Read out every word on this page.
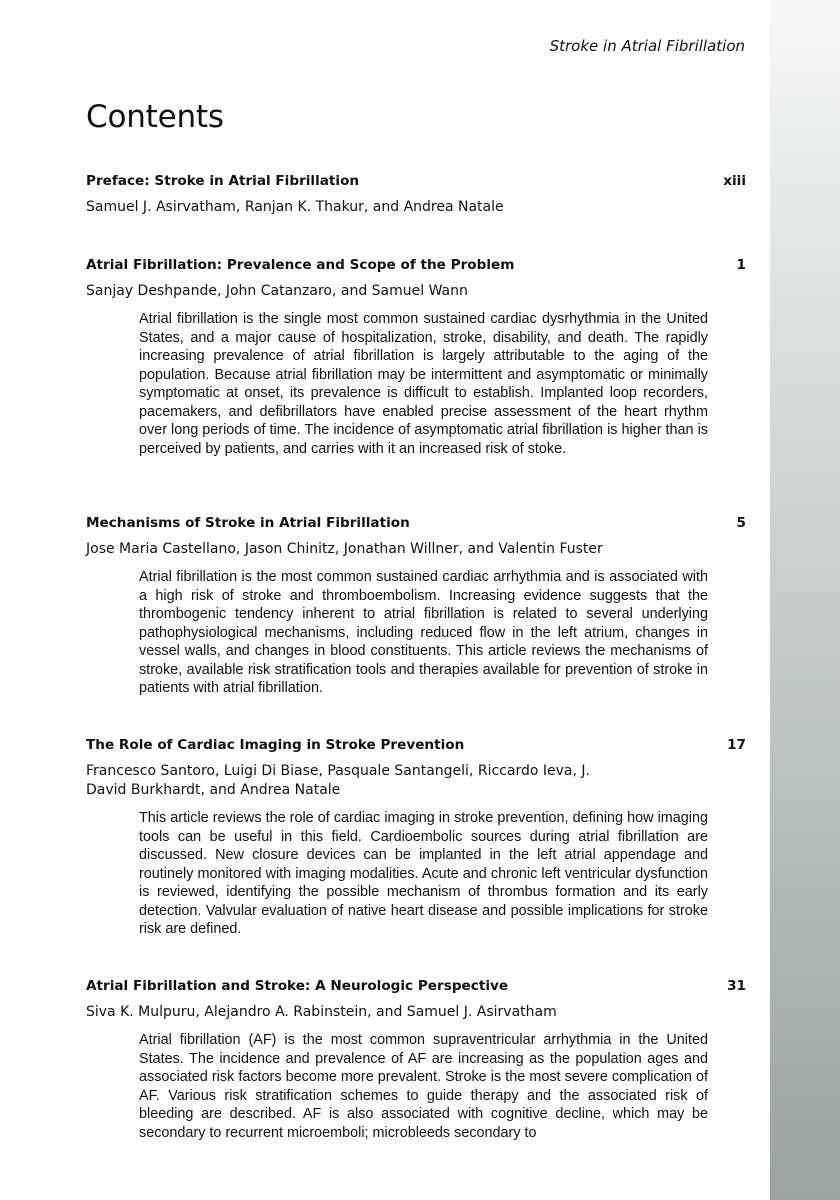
Stroke in Atrial Fibrillation
Contents
Preface: Stroke in Atrial Fibrillation	xiii
Samuel J. Asirvatham, Ranjan K. Thakur, and Andrea Natale
Atrial Fibrillation: Prevalence and Scope of the Problem	1
Sanjay Deshpande, John Catanzaro, and Samuel Wann
Atrial fibrillation is the single most common sustained cardiac dysrhythmia in the United States, and a major cause of hospitalization, stroke, disability, and death. The rapidly increasing prevalence of atrial fibrillation is largely attributable to the aging of the population. Because atrial fibrillation may be intermittent and asymptomatic or minimally symptomatic at onset, its prevalence is difficult to establish. Implanted loop recorders, pacemakers, and defibrillators have enabled precise assessment of the heart rhythm over long periods of time. The incidence of asymptomatic atrial fibrillation is higher than is perceived by patients, and carries with it an increased risk of stoke.
Mechanisms of Stroke in Atrial Fibrillation	5
Jose Maria Castellano, Jason Chinitz, Jonathan Willner, and Valentin Fuster
Atrial fibrillation is the most common sustained cardiac arrhythmia and is associated with a high risk of stroke and thromboembolism. Increasing evidence suggests that the thrombogenic tendency inherent to atrial fibrillation is related to several underlying pathophysiological mechanisms, including reduced flow in the left atrium, changes in vessel walls, and changes in blood constituents. This article reviews the mechanisms of stroke, available risk stratification tools and therapies available for prevention of stroke in patients with atrial fibrillation.
The Role of Cardiac Imaging in Stroke Prevention	17
Francesco Santoro, Luigi Di Biase, Pasquale Santangeli, Riccardo Ieva, J. David Burkhardt, and Andrea Natale
This article reviews the role of cardiac imaging in stroke prevention, defining how imaging tools can be useful in this field. Cardioembolic sources during atrial fibrillation are discussed. New closure devices can be implanted in the left atrial appendage and routinely monitored with imaging modalities. Acute and chronic left ventricular dysfunction is reviewed, identifying the possible mechanism of thrombus formation and its early detection. Valvular evaluation of native heart disease and possible implications for stroke risk are defined.
Atrial Fibrillation and Stroke: A Neurologic Perspective	31
Siva K. Mulpuru, Alejandro A. Rabinstein, and Samuel J. Asirvatham
Atrial fibrillation (AF) is the most common supraventricular arrhythmia in the United States. The incidence and prevalence of AF are increasing as the population ages and associated risk factors become more prevalent. Stroke is the most severe complication of AF. Various risk stratification schemes to guide therapy and the associated risk of bleeding are described. AF is also associated with cognitive decline, which may be secondary to recurrent microemboli; microbleeds secondary to
